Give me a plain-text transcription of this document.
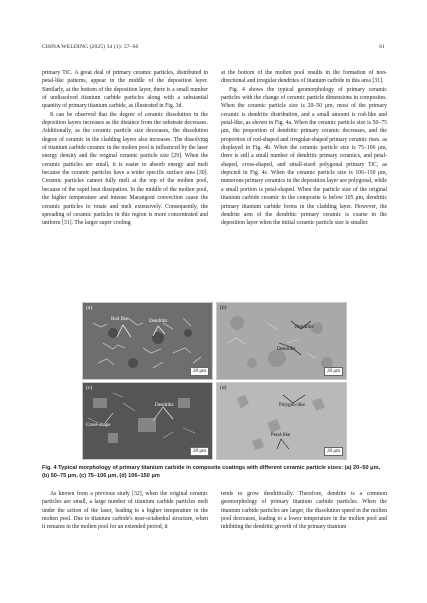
CHINA WELDING (2025) 34 (1): 57–66	61

primary TiC. A great deal of primary ceramic particles, distributed in petal-like patterns, appear in the middle of the deposition layer. Similarly, at the bottom of the deposition layer, there is a small number of undissolved titanium carbide particles along with a substantial quantity of primary titanium carbide, as illustrated in Fig. 3d.

It can be observed that the degree of ceramic dissolution in the deposition layers increases as the distance from the substrate decreases. Additionally, as the ceramic particle size decreases, the dissolution degree of ceramic in the cladding layers also increases. The dissolving of titanium carbide ceramic in the molten pool is influenced by the laser energy density and the original ceramic particle size [29]. When the ceramic particles are small, it is easier to absorb energy and melt because the ceramic particles have a wider specific surface area [30]. Ceramic particles cannot fully melt at the top of the molten pool, because of the rapid heat dissipation. In the middle of the molten pool, the higher temperature and intense Marangoni convection cause the ceramic particles to rotate and melt extensively. Consequently, the spreading of ceramic particles in this region is more concentrated and uniform [31]. The larger super cooling

at the bottom of the molten pool results in the formation of non-directional and irregular dendrites of titanium carbide in this area [31].

Fig. 4 shows the typical geomorphology of primary ceramic particles with the change of ceramic particle dimensions in composites. When the ceramic particle size is 20–50 μm, most of the primary ceramic is dendritic distribution, and a small amount is rod-like and petal-like, as shown in Fig. 4a. When the ceramic particle size is 50–75 μm, the proportion of dendritic primary ceramic decreases, and the proportion of rod-shaped and irregular-shaped primary ceramic rises. as displayed in Fig. 4b. When the ceramic particle size is 75–106 μm, there is still a small number of dendritic primary ceramics, and petal-shaped, cross-shaped, and small-sized polygonal primary TiC, as depicted in Fig. 4c. When the ceramic particle size is 106–150 μm, numerous primary ceramics in the deposition layer are polygonal, while a small portion is petal-shaped. When the particle size of the original titanium carbide ceramic in the composite is below 105 μm, dendritic primary titanium carbide forms in the cladding layer. However, the dendrite arm of the dendritic primary ceramic is coarse in the deposition layer when the initial ceramic particle size is smaller.

(a)
Rod like	Dendritic
20 μm
(b)
Dendritic
Dendritic
20 μm
(c)
Cross-shape
Dendritic
20 μm
(d)
Polygon-like
Petal-like
20 μm
Fig. 4 Typical morphology of primary titanium carbide in composite coatings with different ceramic particle sizes: (a) 20–50 μm, (b) 50–75 μm, (c) 75–106 μm, (d) 106–150 μm

As known from a previous study [32], when the original ceramic particles are small, a large number of titanium carbide particles melt under the action of the laser, leading to a higher temperature in the molten pool. Due to titanium carbide's near-octahedral structure, when it remains in the molten pool for an extended period, it

tends to grow dendritically. Therefore, dendrite is a common geomorphology of primary titanium carbide particles. When the titanium carbide particles are larger, the dissolution speed in the molten pool decreases, leading to a lower temperature in the molten pool and inhibiting the dendritic growth of the primary titanium
